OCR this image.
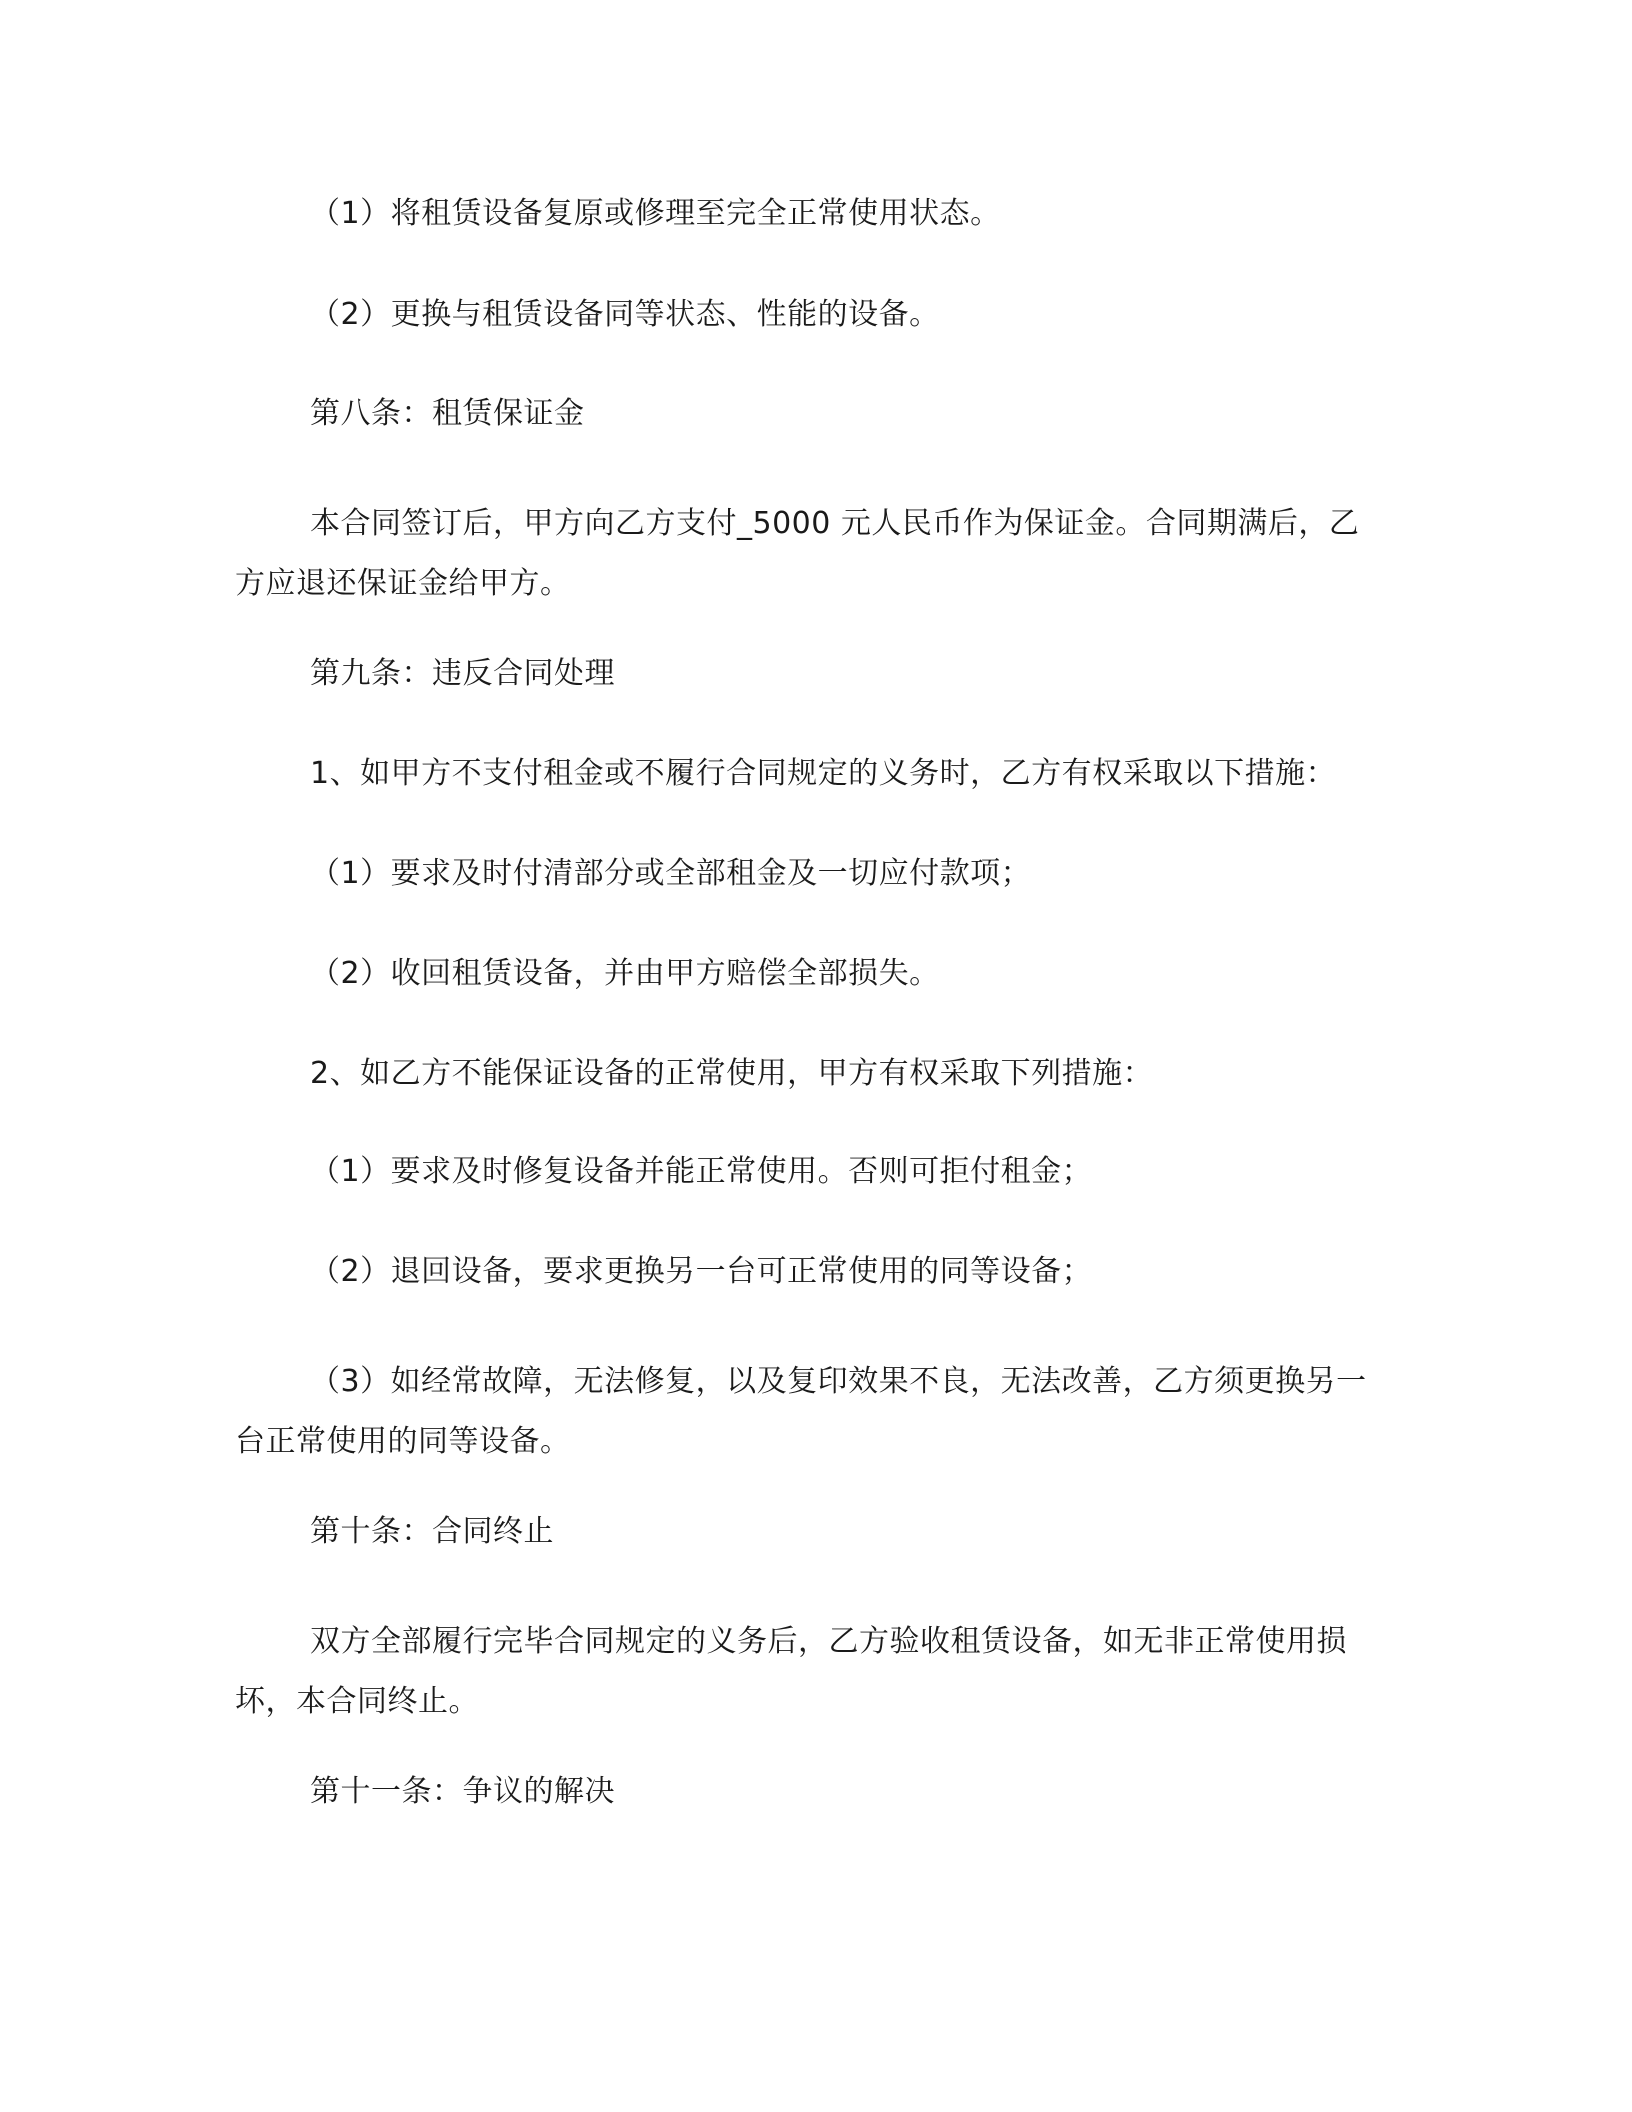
（1）将租赁设备复原或修理至完全正常使用状态。
（2）更换与租赁设备同等状态、性能的设备。
第八条：租赁保证金
本合同签订后，甲方向乙方支付_5000 元人民币作为保证金。合同期满后，乙方应退还保证金给甲方。
第九条：违反合同处理
1、如甲方不支付租金或不履行合同规定的义务时，乙方有权采取以下措施：
（1）要求及时付清部分或全部租金及一切应付款项；
（2）收回租赁设备，并由甲方赔偿全部损失。
2、如乙方不能保证设备的正常使用，甲方有权采取下列措施：
（1）要求及时修复设备并能正常使用。否则可拒付租金；
（2）退回设备，要求更换另一台可正常使用的同等设备；
（3）如经常故障，无法修复，以及复印效果不良，无法改善，乙方须更换另一台正常使用的同等设备。
第十条：合同终止
双方全部履行完毕合同规定的义务后，乙方验收租赁设备，如无非正常使用损坏，本合同终止。
第十一条：争议的解决
